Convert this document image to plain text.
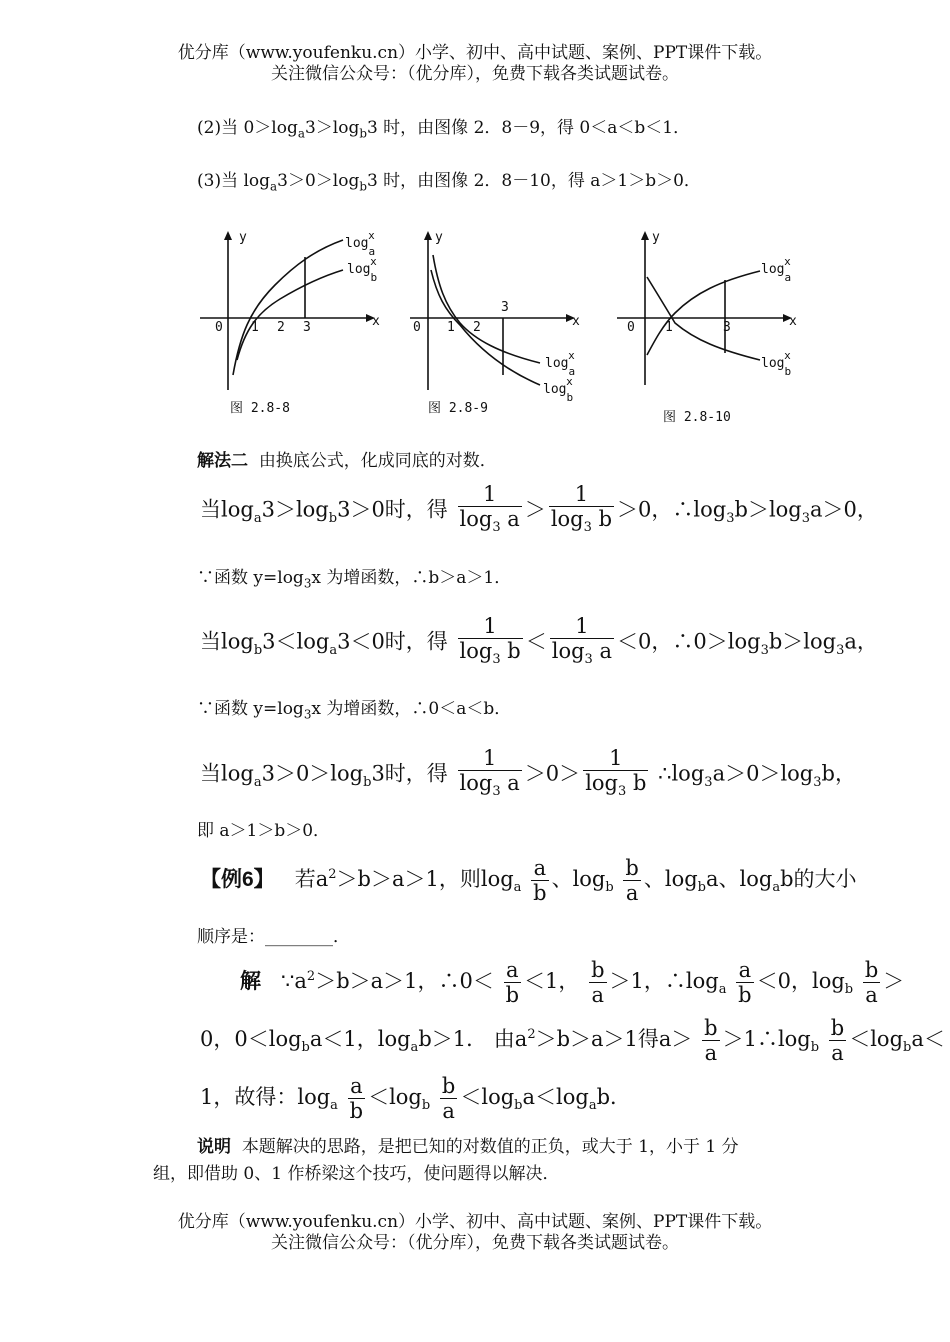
优分库（www.youfenku.cn）小学、初中、高中试题、案例、PPT课件下载。
关注微信公众号：（优分库），免费下载各类试题试卷。
(2)当 $0>\log_a3>\log_b3$ 时，由图像 2．8－9，得 0＜a＜b＜1．
(3)当 $\log_a3>0>\log_b3$ 时，由图像 2．8－10，得 a＞1＞b＞0．
y
x
0 1 2 3
$\log_ax$
$\log_bx$
图 2.8-8
y
x
0 1 2
3
$\log_ax$
$\log_bx$
图 2.8-9
y
x
0 1	3
$\log_ax$
$\log_bx$
图 2.8-10
解法二 由换底公式，化成同底的对数．
当$\log_a3>\log_b3>0$时，得 $\frac{1}{\log_3 a} > \frac{1}{\log_3 b} >0$，$\therefore\log_3b>\log_3a>0$，
∵函数 $y=\log_3x$ 为增函数，∴b＞a＞1．
当$\log_b3<\log_a3<0$时，得 $\frac{1}{\log_3 b} < \frac{1}{\log_3 a} <0$，$\therefore 0>\log_3b>\log_3a$，
∵函数 $y=\log_3x$ 为增函数，∴0＜a＜b．
当$\log_a3>0>\log_b3$时，得 $\frac{1}{\log_3 a} >0> \frac{1}{\log_3 b}$ $\therefore\log_3a>0>\log_3b$，
即 a＞1＞b＞0．
【例6】 若$a^2>b>a>1$，则$\log_a \frac{a}{b}$ 、$\log_b \frac{b}{a}$ 、$\log_ba$、$\log_ab$的大小
顺序是：________．
解 $\because a^2>b>a>1$，∴0＜ $\frac{a}{b} <1$， $\frac{b}{a} >1$，$\therefore\log_a \frac{a}{b} <0$，$\log_b \frac{b}{a}$ ＞
0，$0<\log_ba<1$，$\log_ab>1$． 由$a^2>b>a>1$得$a> \frac{b}{a}$ $>1\therefore\log_b \frac{b}{a} <\log_ba<$
1，故得：$\log_a \frac{a}{b} <\log_b \frac{b}{a} <\log_ba<\log_ab$．
说明 本题解决的思路，是把已知的对数值的正负，或大于 1，小于 1 分
组，即借助 0、1 作桥梁这个技巧，使问题得以解决．
优分库（www.youfenku.cn）小学、初中、高中试题、案例、PPT课件下载。
关注微信公众号：（优分库），免费下载各类试题试卷。
